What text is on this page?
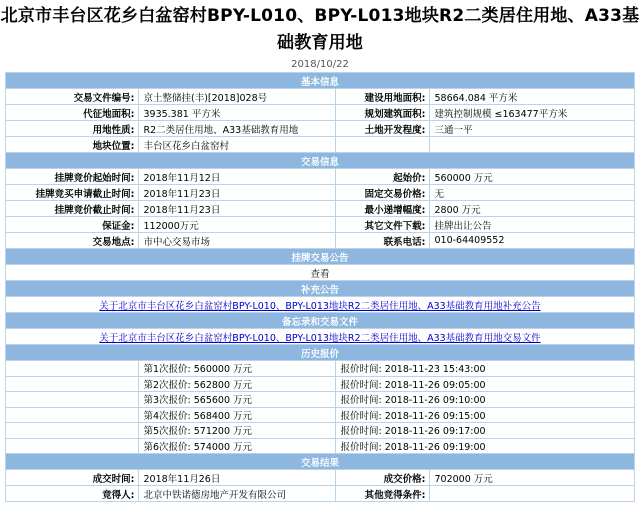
北京市丰台区花乡白盆窑村BPY-L010、BPY-L013地块R2二类居住用地、A33基础教育用地
2018/10/22
基本信息			
交易文件编号:	京土整储挂(丰)[2018]028号	建设用地面积:	58664.084 平方米
代征地面积:	3935.381 平方米	规划建筑面积:	建筑控制规模 ≤163477平方米
用地性质:	R2二类居住用地、A33基础教育用地	土地开发程度:	三通一平
地块位置:	丰台区花乡白盆窑村		
交易信息			
挂牌竞价起始时间:	2018年11月12日	起始价:	560000 万元
挂牌竞买申请截止时间:	2018年11月23日	固定交易价格:	无
挂牌竞价截止时间:	2018年11月23日	最小递增幅度:	2800 万元
保证金:	112000万元	其它文件下载:	挂牌出让公告
交易地点:	市中心交易市场	联系电话:	010-64409552
挂牌交易公告			
查看			
补充公告			
关于北京市丰台区花乡白盆窑村BPY-L010、BPY-L013地块R2二类居住用地、A33基础教育用地补充公告			
备忘录和交易文件			
关于北京市丰台区花乡白盆窑村BPY-L010、BPY-L013地块R2二类居住用地、A33基础教育用地交易文件			
历史报价			
	第1次报价: 560000 万元	报价时间: 2018-11-23 15:43:00	
	第2次报价: 562800 万元	报价时间: 2018-11-26 09:05:00	
	第3次报价: 565600 万元	报价时间: 2018-11-26 09:10:00	
	第4次报价: 568400 万元	报价时间: 2018-11-26 09:15:00	
	第5次报价: 571200 万元	报价时间: 2018-11-26 09:17:00	
	第6次报价: 574000 万元	报价时间: 2018-11-26 09:19:00	
交易结果			
成交时间:	2018年11月26日	成交价格:	702000 万元
竞得人:	北京中铁诺德房地产开发有限公司	其他竞得条件:	
